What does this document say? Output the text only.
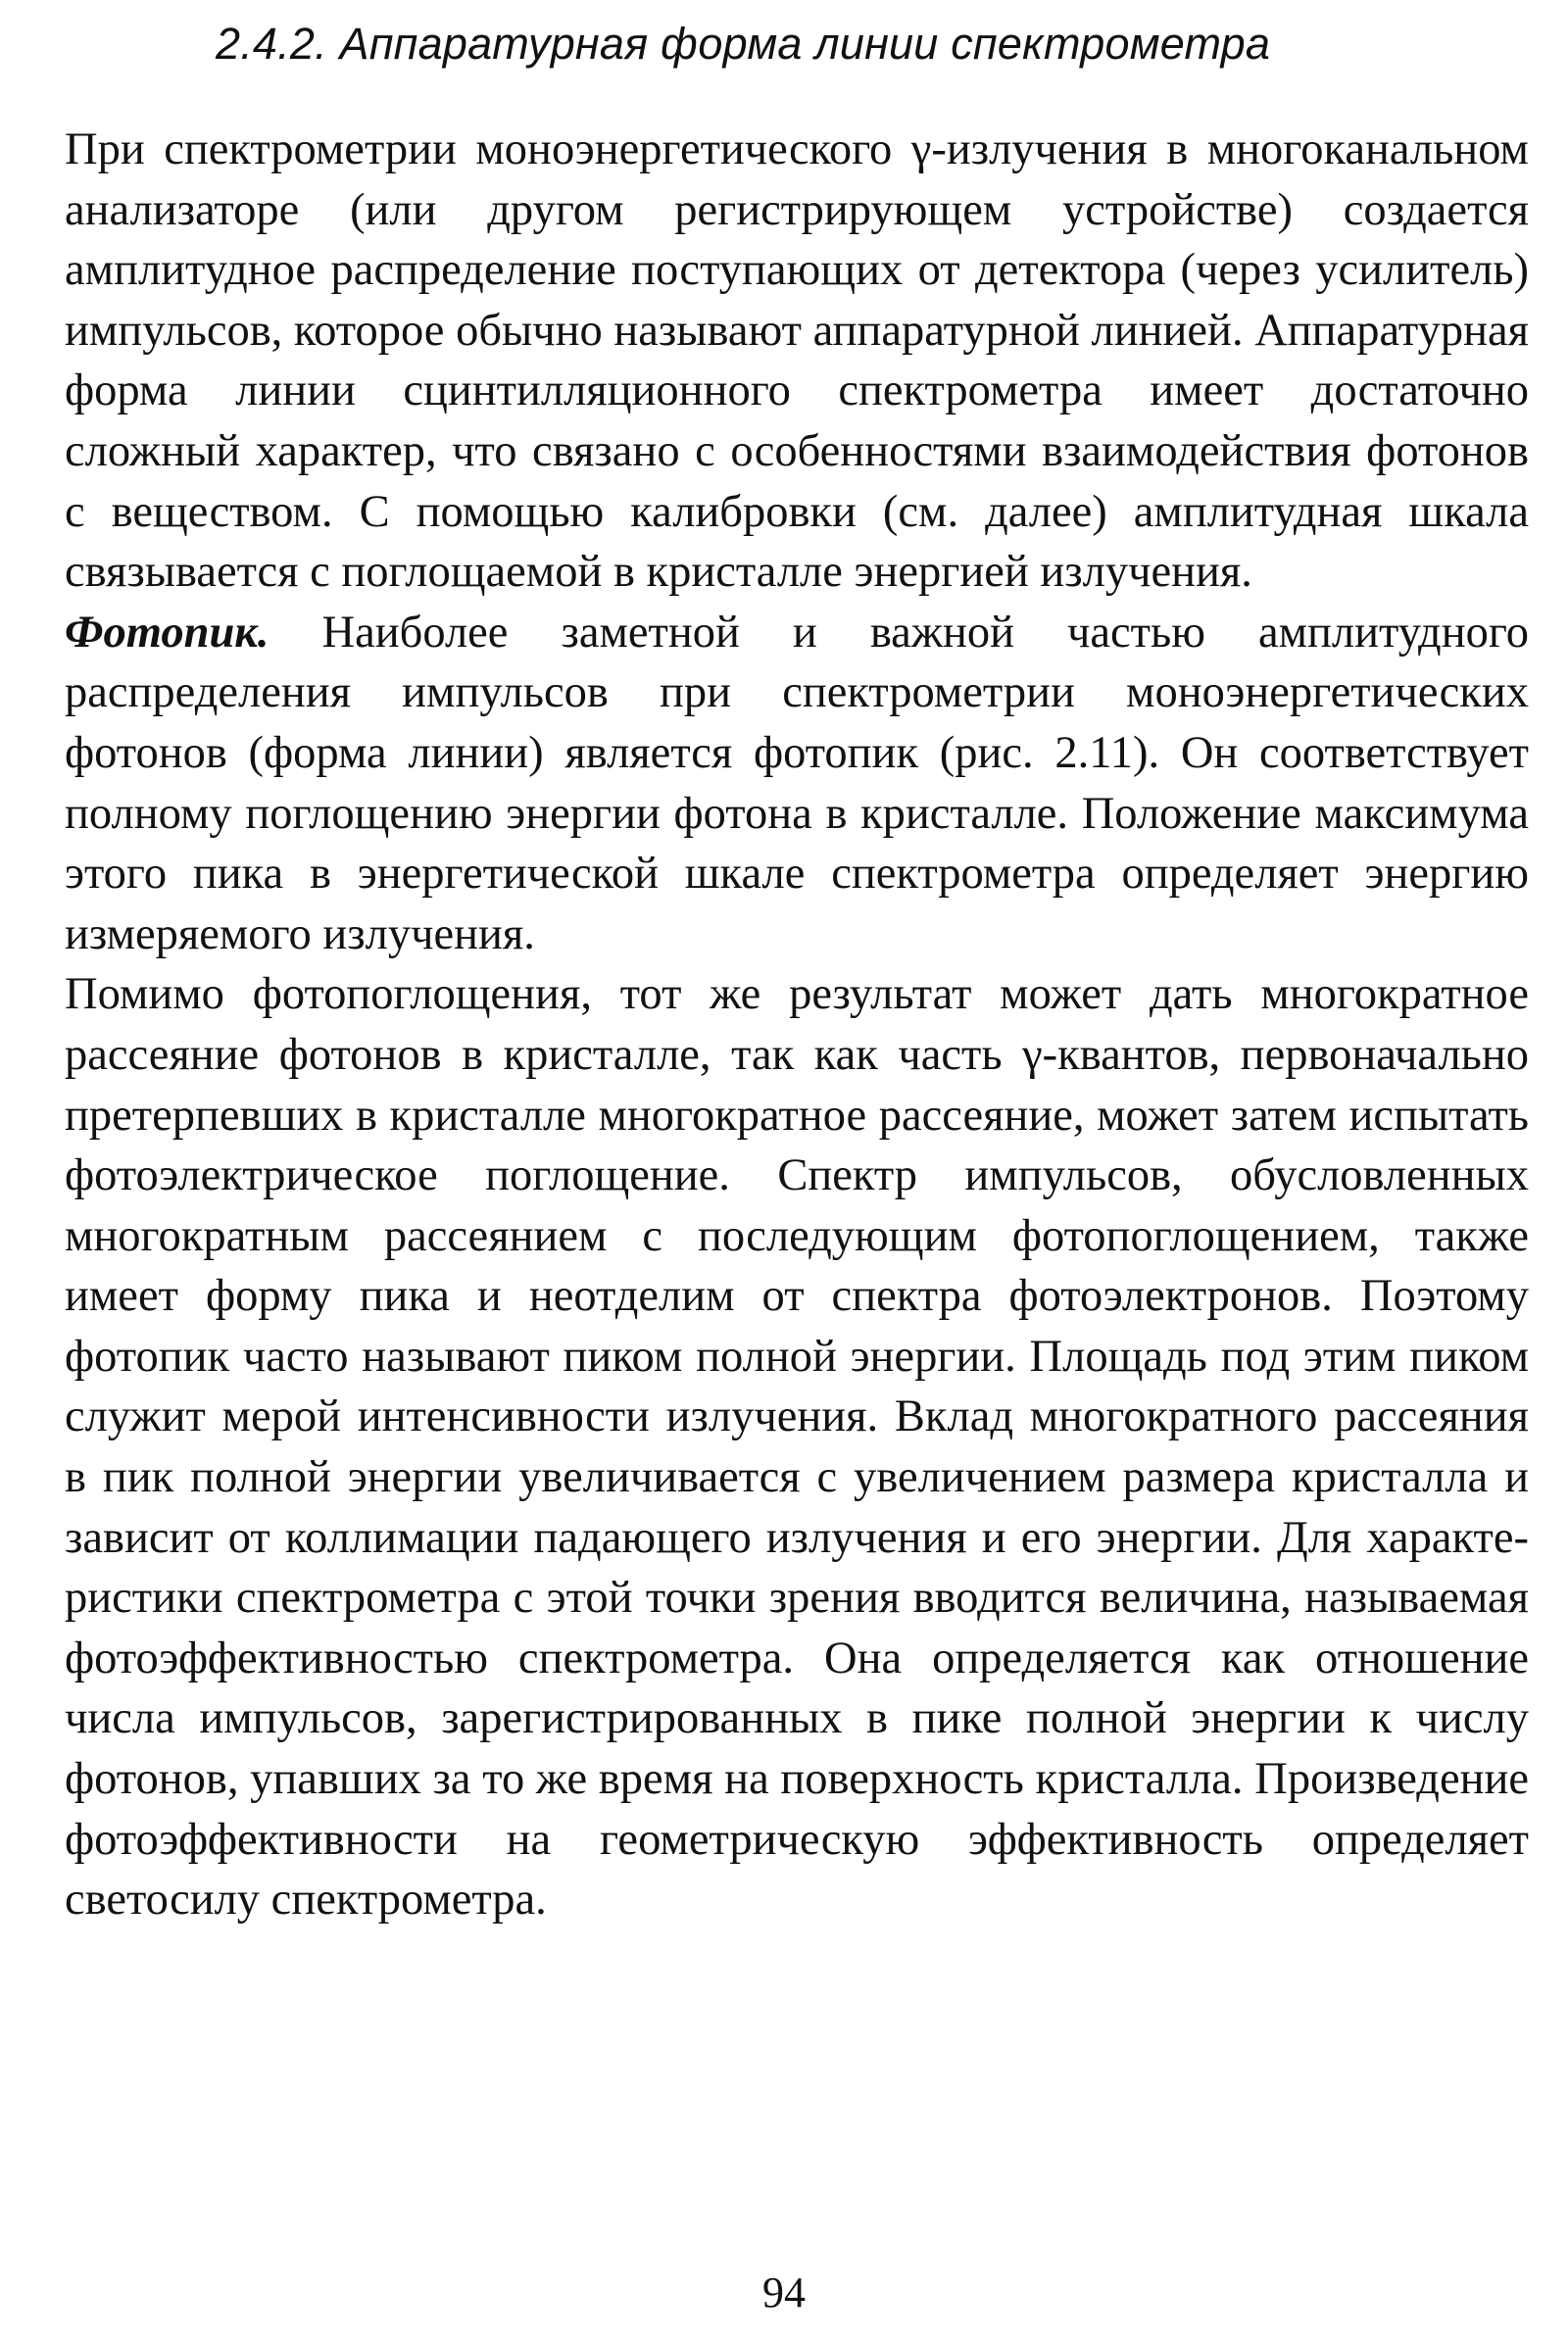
2.4.2. Аппаратурная форма линии спектрометра

При спектрометрии моноэнергетического γ-излучения в многоканальном анализаторе (или другом регистрирующем устройстве) создается амплитудное распределение поступающих от детектора (через усилитель) импульсов, которое обычно называют аппаратурной линией. Аппаратурная форма линии сцинтилляционного спектрометра имеет достаточно сложный характер, что связано с особенностями взаимодействия фотонов с веществом. С помощью калибровки (см. далее) амплитудная шкала связывается с поглощаемой в кристалле энергией излучения.

Фотопик. Наиболее заметной и важной частью амплитудного распределения импульсов при спектрометрии моноэнергетических фотонов (форма линии) является фотопик (рис. 2.11). Он соответствует полному поглощению энергии фотона в кристалле. Положение максимума этого пика в энергетической шкале спектрометра определяет энергию измеряемого излучения.

Помимо фотопоглощения, тот же результат может дать многократное рассеяние фотонов в кристалле, так как часть γ-квантов, первоначально претерпевших в кристалле многократное рассеяние, может затем испытать фотоэлектрическое поглощение. Спектр импульсов, обусловленных многократным рассеянием с последующим фотопоглощением, также имеет форму пика и неотделим от спектра фотоэлектронов. Поэтому фотопик часто называют пиком полной энергии. Площадь под этим пиком служит мерой интенсивности излучения. Вклад многократного рассеяния в пик полной энергии увеличивается с увеличением размера кристалла и зависит от коллимации падающего излучения и его энергии. Для характеристики спектрометра с этой точки зрения вводится величина, называемая фотоэффективностью спектрометра. Она определяется как отношение числа импульсов, зарегистрированных в пике полной энергии к числу фотонов, упавших за то же время на поверхность кристалла. Произведение фотоэффективности на геометрическую эффективность определяет светосилу спектрометра.

94
